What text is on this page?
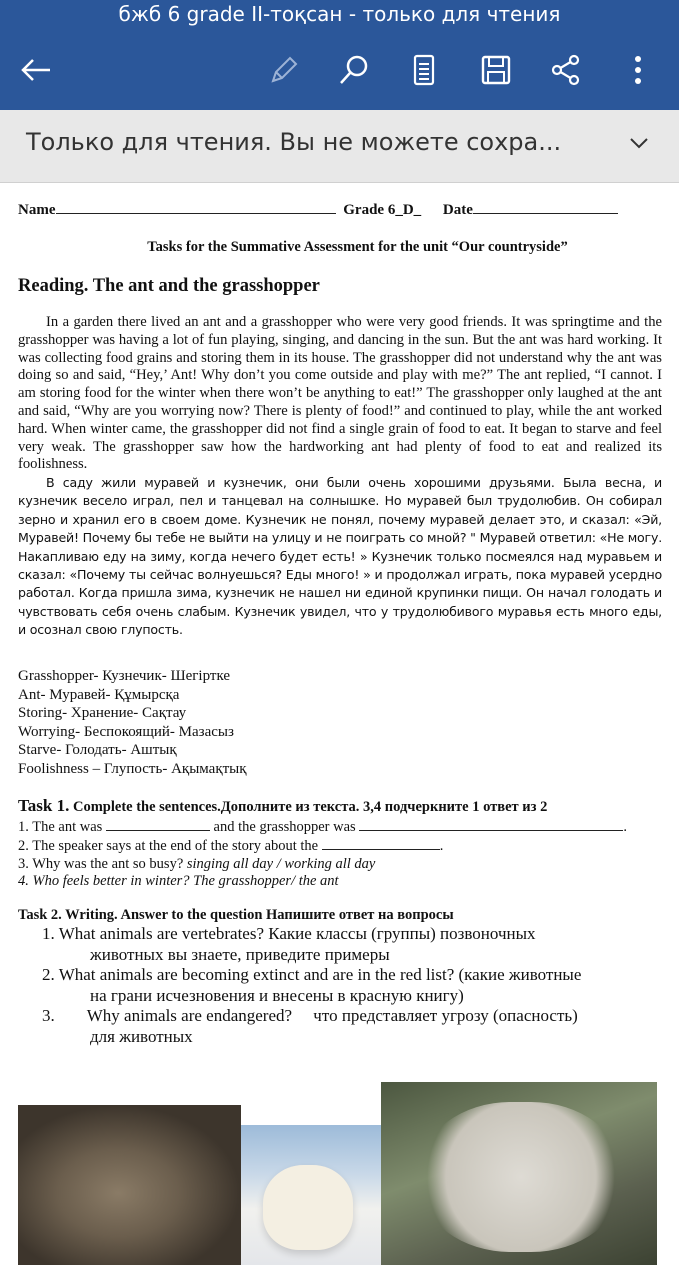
бжб 6 grade II-тоқсан - только для чтения
Только для чтения. Вы не можете сохра...
Name	Grade 6_D_ Date
Tasks for the Summative Assessment for the unit “Our countryside”
Reading. The ant and the grasshopper
In a garden there lived an ant and a grasshopper who were very good friends. It was springtime and the grasshopper was having a lot of fun playing, singing, and dancing in the sun. But the ant was hard working. It was collecting food grains and storing them in its house. The grasshopper did not understand why the ant was doing so and said, “Hey,’ Ant! Why don’t you come outside and play with me?” The ant replied, “I cannot. I am storing food for the winter when there won’t be anything to eat!” The grasshopper only laughed at the ant and said, “Why are you worrying now? There is plenty of food!” and continued to play, while the ant worked hard. When winter came, the grasshopper did not find a single grain of food to eat. It began to starve and feel very weak. The grasshopper saw how the hardworking ant had plenty of food to eat and realized its foolishness.
В саду жили муравей и кузнечик, они были очень хорошими друзьями. Была весна, и кузнечик весело играл, пел и танцевал на солнышке. Но муравей был трудолюбив. Он собирал зерно и хранил его в своем доме. Кузнечик не понял, почему муравей делает это, и сказал: «Эй, Муравей! Почему бы тебе не выйти на улицу и не поиграть со мной? " Муравей ответил: «Не могу. Накапливаю еду на зиму, когда нечего будет есть! » Кузнечик только посмеялся над муравьем и сказал: «Почему ты сейчас волнуешься? Еды много! » и продолжал играть, пока муравей усердно работал. Когда пришла зима, кузнечик не нашел ни единой крупинки пищи. Он начал голодать и чувствовать себя очень слабым. Кузнечик увидел, что у трудолюбивого муравья есть много еды, и осознал свою глупость.
Grasshopper- Кузнечик- Шегіртке
Ant- Муравей- Құмырсқа
Storing- Хранение- Сақтау
Worrying- Беспокоящий- Мазасыз
Starve- Голодать- Аштық
Foolishness – Глупость- Ақымақтық
Task 1. Complete the sentences.Дополните из текста. 3,4 подчеркните 1 ответ из 2
1. The ant was	and the grasshopper was	.
2. The speaker says at the end of the story about the	.
3. Why was the ant so busy? singing all day / working all day
4. Who feels better in winter? The grasshopper/ the ant
Task 2. Writing. Answer to the question Напишите ответ на вопросы
1. What animals are vertebrates? Какие классы (группы) позвоночных
животных вы знаете, приведите примеры
2. What animals are becoming extinct and are in the red list? (какие животные
на грани исчезновения и внесены в красную книгу)
3. Why animals are endangered?     что представляет угрозу (опасность)
для животных
